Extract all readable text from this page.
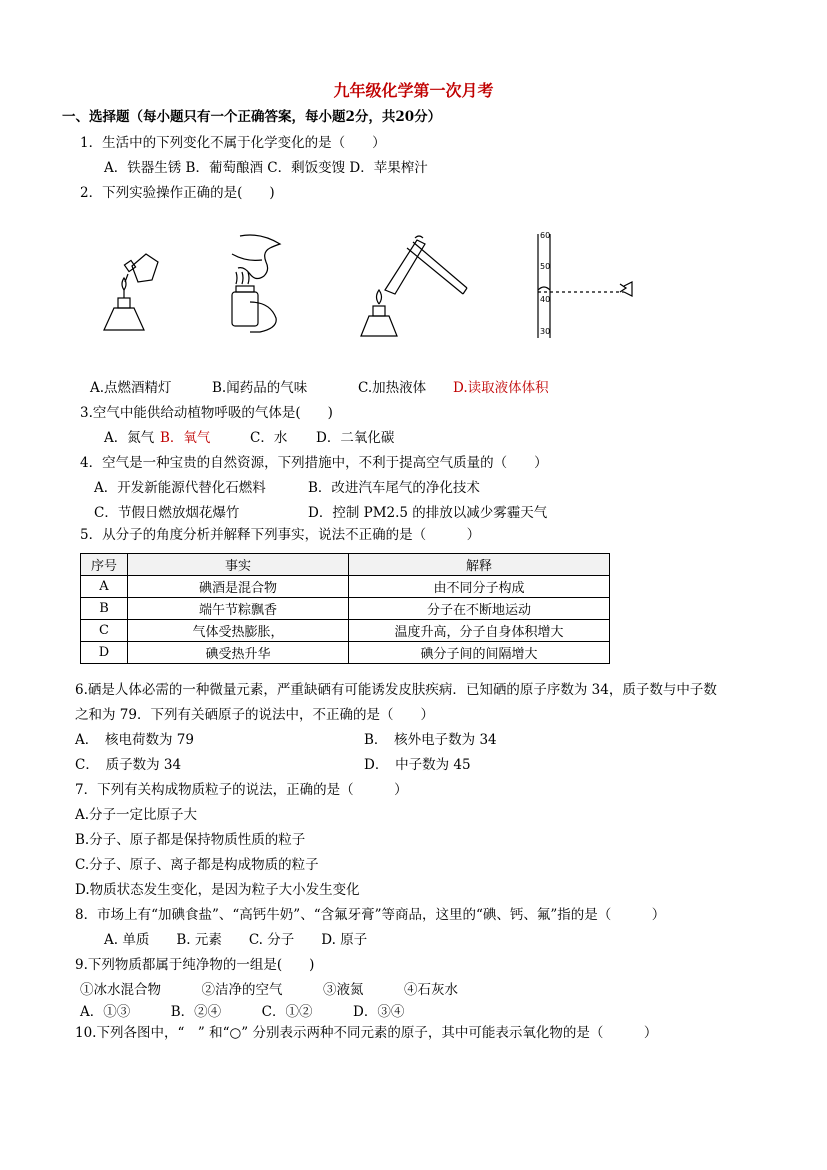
九年级化学第一次月考
一、选择题（每小题只有一个正确答案，每小题2分，共20分）
1．生活中的下列变化不属于化学变化的是（　　）
A．铁器生锈 B．葡萄酿酒 C．剩饭变馊 D．苹果榨汁
2．下列实验操作正确的是(　　)
60
50
40
30
A.点燃酒精灯	B.闻药品的气味	C.加热液体 D.读取液体体积
3.空气中能供给动植物呼吸的气体是(　　)
A．氮气 B．氧气	C．水 D．二氧化碳
4．空气是一种宝贵的自然资源，下列措施中，不利于提高空气质量的（　　）
A．开发新能源代替化石燃料	B．改进汽车尾气的净化技术
C．节假日燃放烟花爆竹	D．控制 PM2.5 的排放以减少雾霾天气
5．从分子的角度分析并解释下列事实，说法不正确的是（　　　）
序号	事实	解释
A	碘酒是混合物	由不同分子构成
B	端午节粽飘香	分子在不断地运动
C	气体受热膨胀，	温度升高，分子自身体积增大
D	碘受热升华	碘分子间的间隔增大
6.硒是人体必需的一种微量元素，严重缺硒有可能诱发皮肤疾病．已知硒的原子序数为 34，质子数与中子数
之和为 79．下列有关硒原子的说法中，不正确的是（　　）
A．　核电荷数为 79	B．　核外电子数为 34
C．　质子数为 34	D．　中子数为 45
7．下列有关构成物质粒子的说法，正确的是（　　　）
A.分子一定比原子大
B.分子、原子都是保持物质性质的粒子
C.分子、原子、离子都是构成物质的粒子
D.物质状态发生变化，是因为粒子大小发生变化
8．市场上有“加碘食盐”、“高钙牛奶”、“含氟牙膏”等商品，这里的“碘、钙、氟”指的是（　　　）
A. 单质　　B. 元素　　C. 分子　　D. 原子
9.下列物质都属于纯净物的一组是(　　)
①冰水混合物　　　②洁净的空气　　　③液氮　　　④石灰水
A．①③　　　B．②④　　　C．①②　　　D．③④
10.下列各图中，“　” 和“○” 分别表示两种不同元素的原子，其中可能表示氧化物的是（　　　）
